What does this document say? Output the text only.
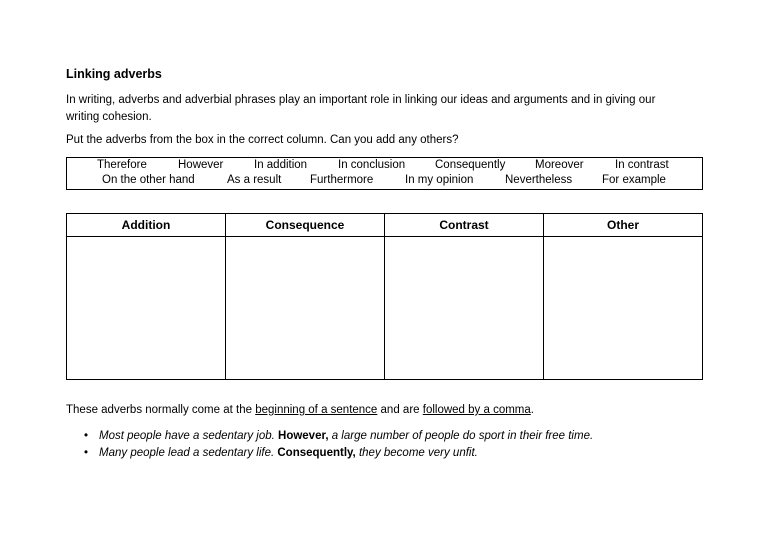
Linking adverbs
In writing, adverbs and adverbial phrases play an important role in linking our ideas and arguments and in giving our writing cohesion.
Put the adverbs from the box in the correct column. Can you add any others?
Therefore	However	In addition	In conclusion	Consequently	Moreover	In contrast
On the other hand	As a result Furthermore	In my opinion	Nevertheless	For example
Addition	Consequence	Contrast	Other

These adverbs normally come at the beginning of a sentence and are followed by a comma.
• Most people have a sedentary job. However, a large number of people do sport in their free time.
• Many people lead a sedentary life. Consequently, they become very unfit.
